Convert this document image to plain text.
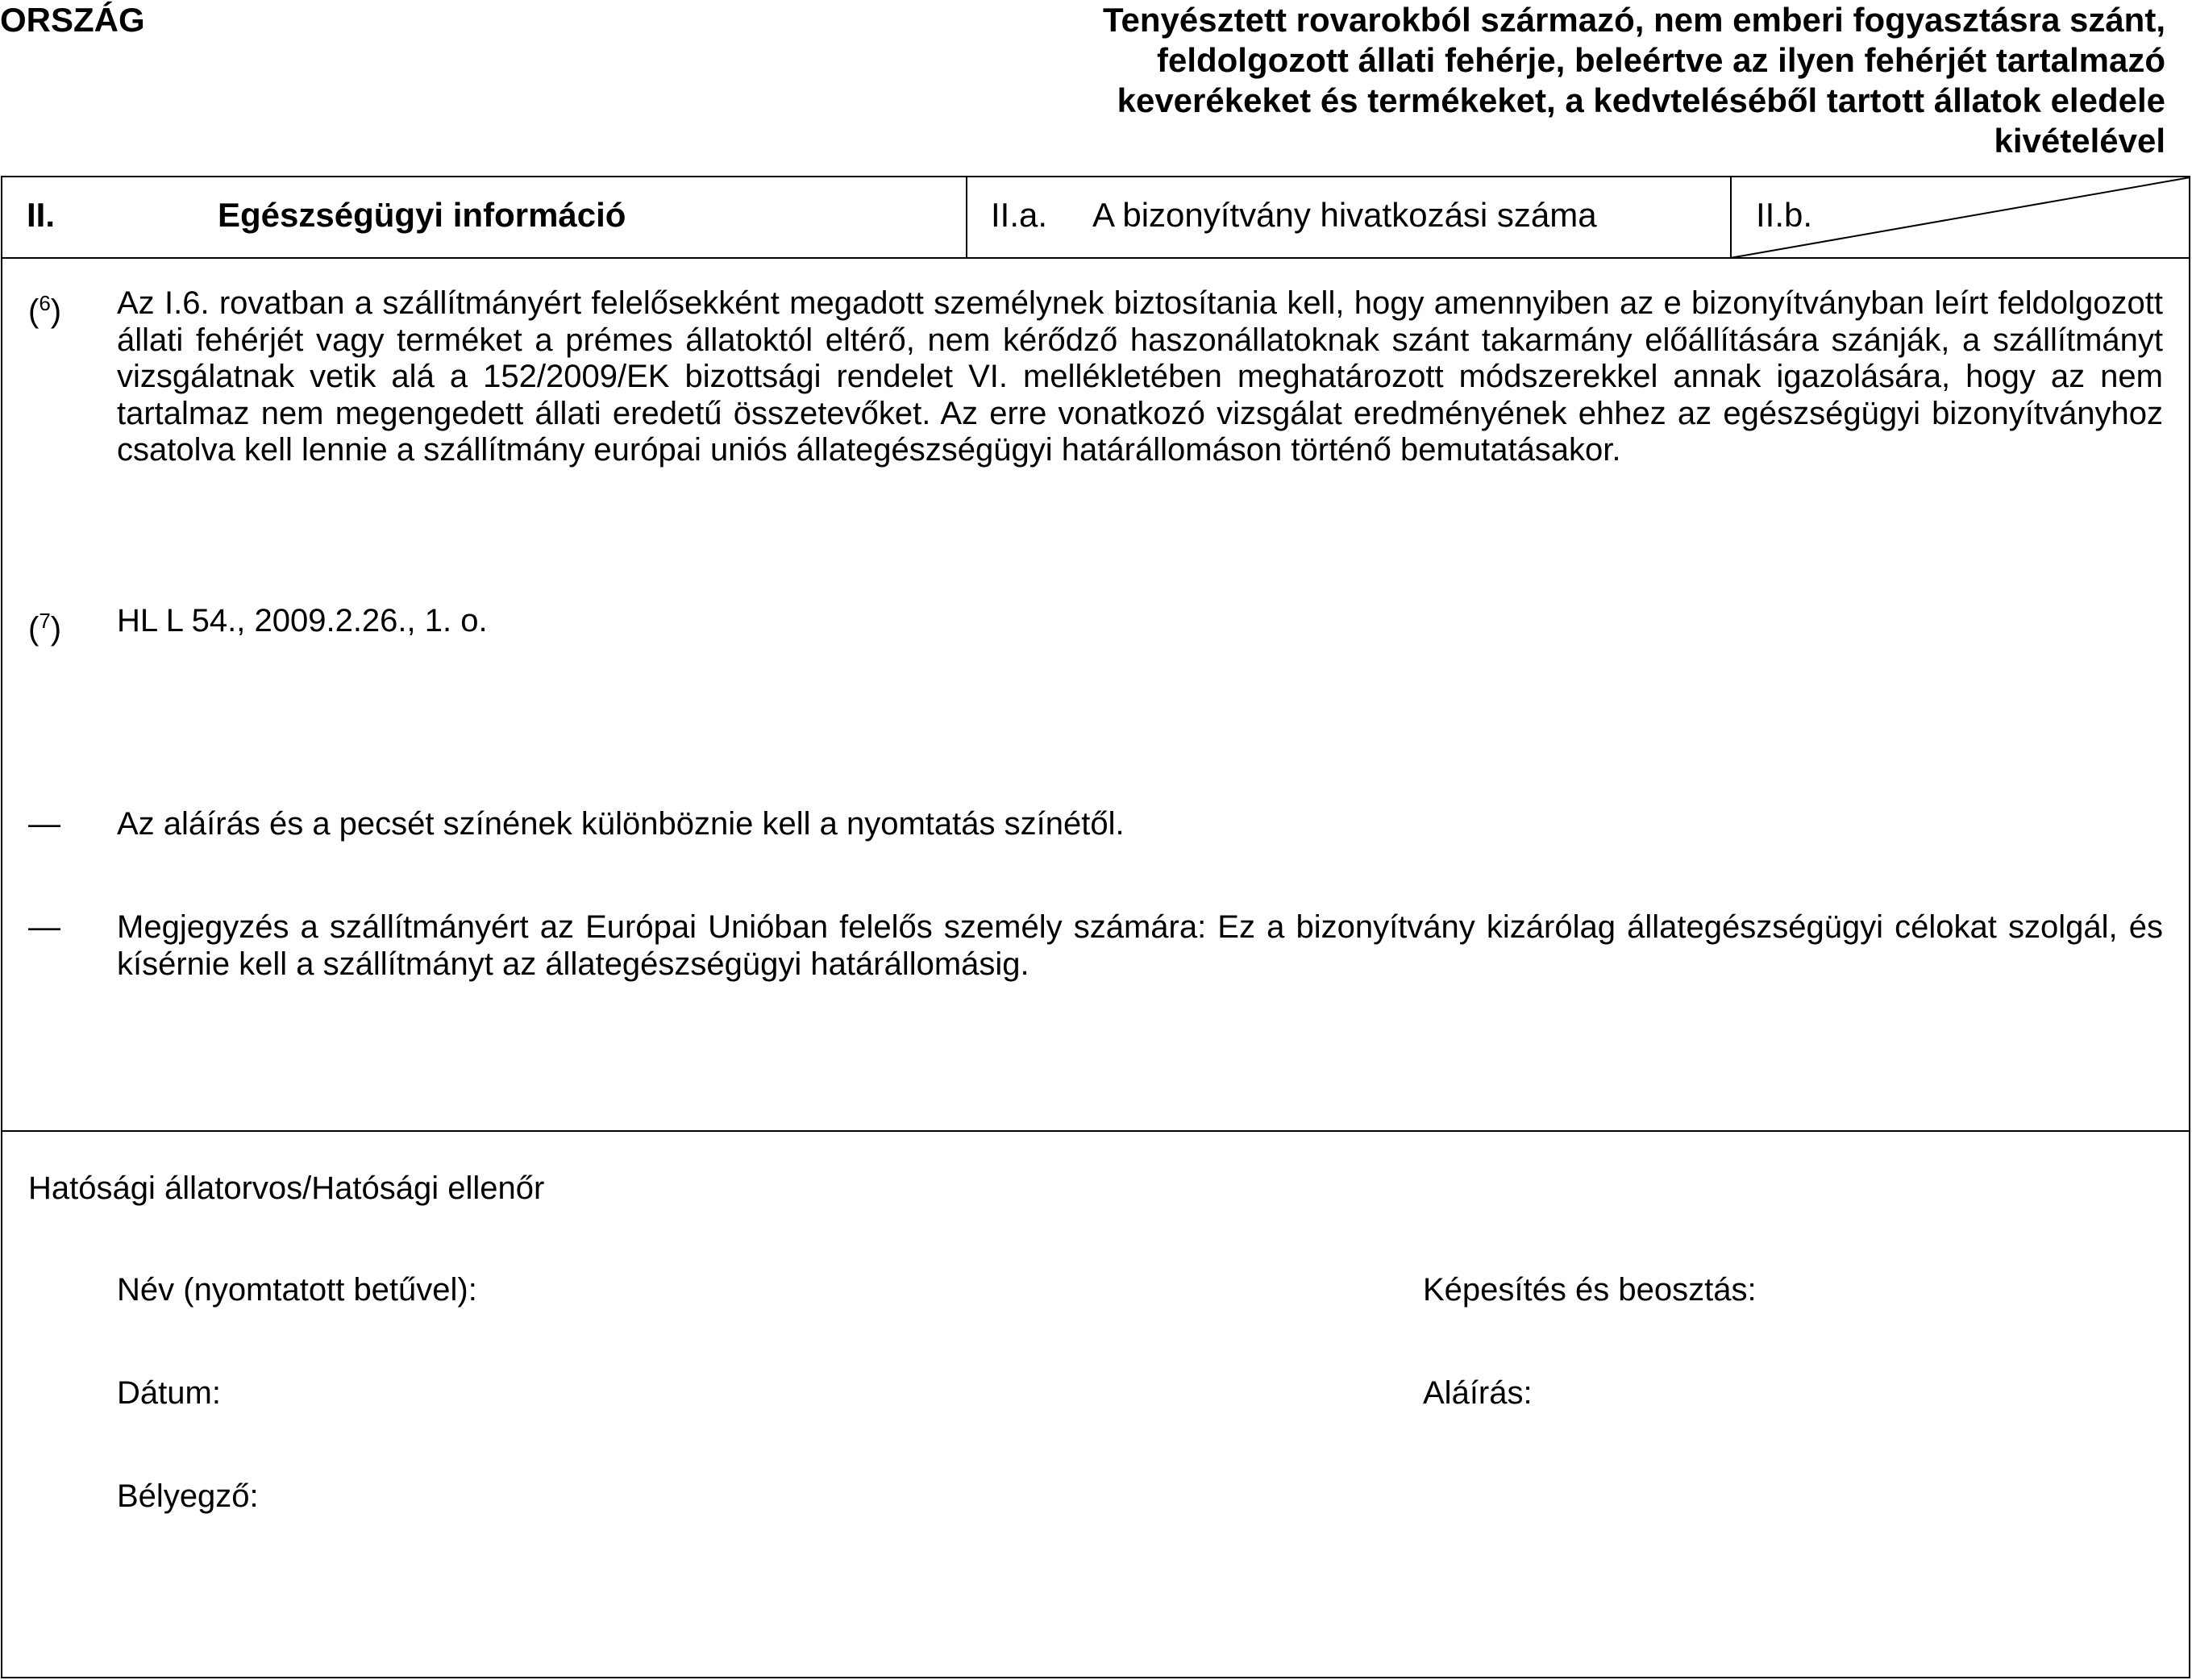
ORSZÁG	Tenyésztett rovarokból származó, nem emberi fogyasztásra szánt, feldolgozott állati fehérje, beleértve az ilyen fehérjét tartalmazó keverékeket és termékeket, a kedvteléséből tartott állatok eledele kivételével
II.	Egészségügyi információ	II.a. A bizonyítvány hivatkozási száma	II.b.
($^6$) Az I.6. rovatban a szállítmányért felelősekként megadott személynek biztosítania kell, hogy amennyiben az e bizonyítványban leírt feldolgozott állati fehérjét vagy terméket a prémes állatoktól eltérő, nem kérődző haszonállatoknak szánt takarmány előállítására szánják, a szállítmányt vizsgálatnak vetik alá a 152/2009/EK bizottsági rendelet VI. mellékletében meghatározott módszerekkel annak igazolására, hogy az nem tartalmaz nem megengedett állati eredetű összetevőket. Az erre vonatkozó vizsgálat eredményének ehhez az egészségügyi bizonyítványhoz csatolva kell lennie a szállítmány európai uniós állategészségügyi határállomáson történő bemutatásakor.
($^7$) HL L 54., 2009.2.26., 1. o.
— Az aláírás és a pecsét színének különböznie kell a nyomtatás színétől.
— Megjegyzés a szállítmányért az Európai Unióban felelős személy számára: Ez a bizonyítvány kizárólag állategészségügyi célokat szolgál, és kísérnie kell a szállítmányt az állategészségügyi határállomásig.
Hatósági állatorvos/Hatósági ellenőr
Név (nyomtatott betűvel):	Képesítés és beosztás:
Dátum:	Aláírás:
Bélyegző:
